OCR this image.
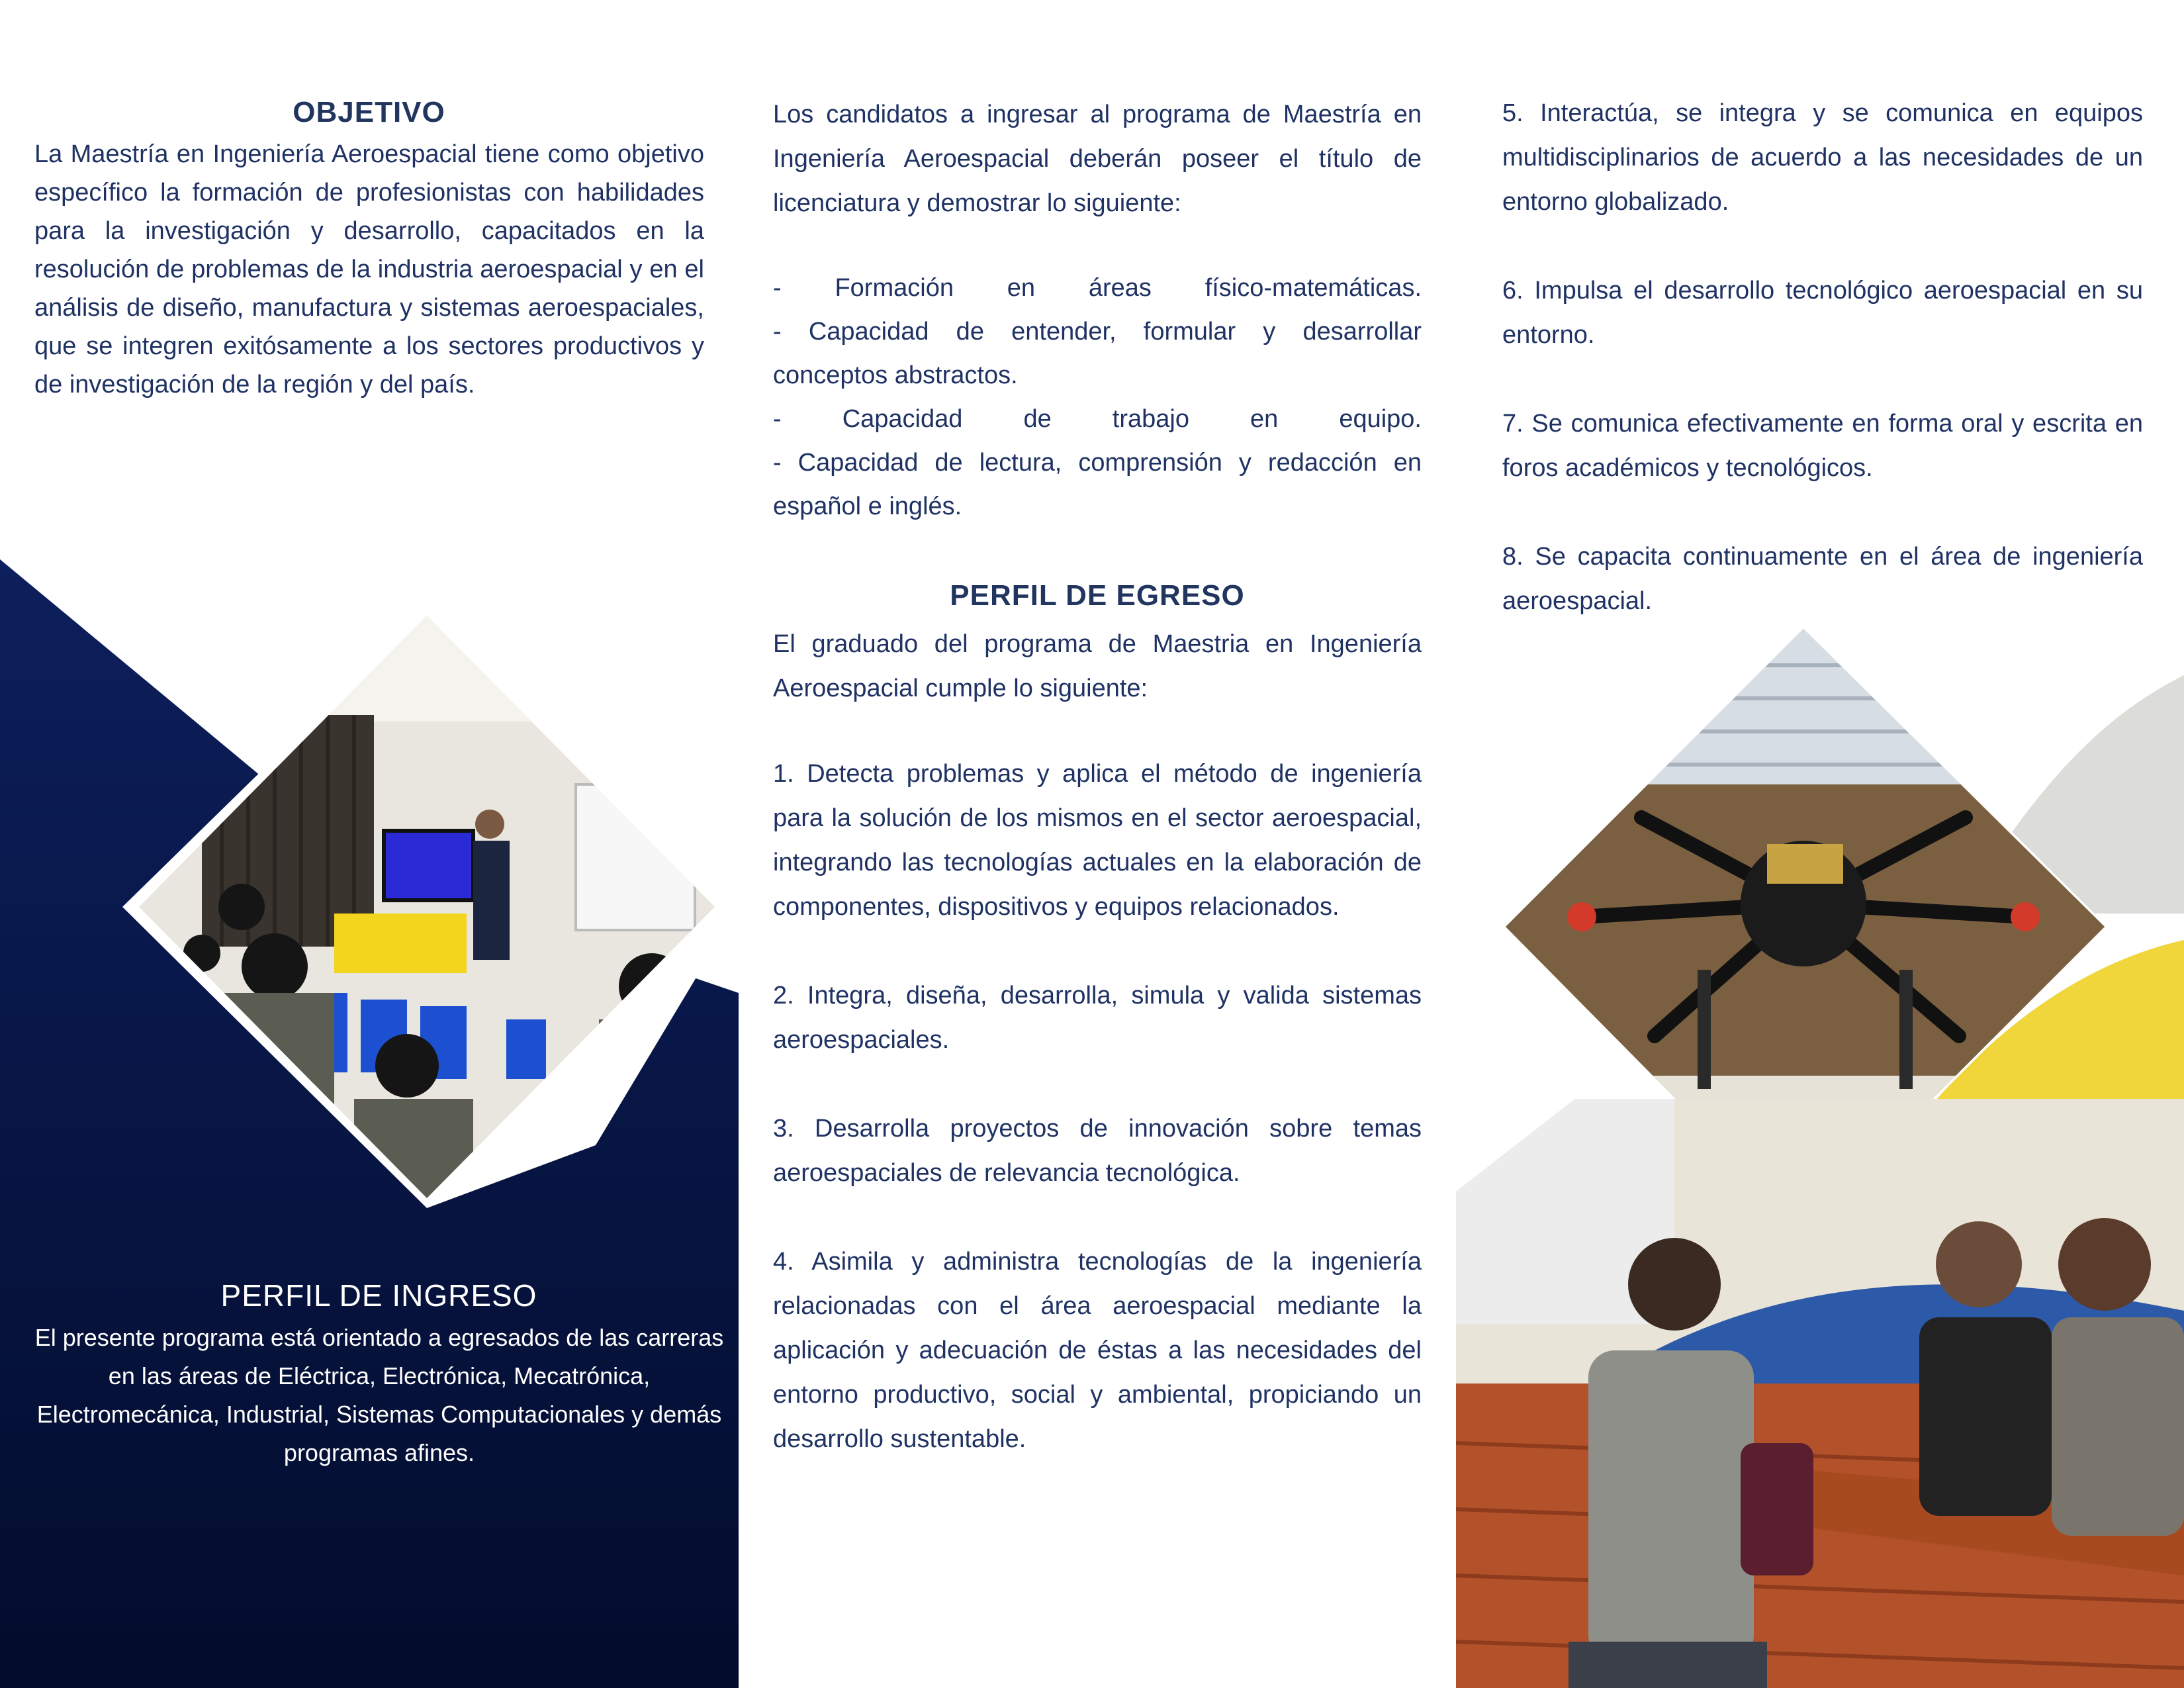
OBJETIVO
La Maestría en Ingeniería Aeroespacial tiene como objetivo específico la formación de profesionistas con habilidades para la investigación y desarrollo, capacitados en la resolución de problemas de la industria aeroespacial y en el análisis de diseño, manufactura y sistemas aeroespaciales, que se integren exitósamente a los sectores productivos y de investigación de la región y del país.
PERFIL DE INGRESO
El presente programa está orientado a egresados de las carreras en las áreas de Eléctrica, Electrónica, Mecatrónica, Electromecánica, Industrial, Sistemas Computacionales y demás programas afines.
Los candidatos a ingresar al programa de Maestría en Ingeniería Aeroespacial deberán poseer el título de licenciatura y demostrar lo siguiente:
- Formación en áreas físico-matemáticas.
- Capacidad de entender, formular y desarrollar conceptos abstractos.
- Capacidad de trabajo en equipo.
- Capacidad de lectura, comprensión y redacción en español e inglés.
PERFIL DE EGRESO
El graduado del programa de Maestria en Ingeniería Aeroespacial cumple lo siguiente:
1. Detecta problemas y aplica el método de ingeniería para la solución de los mismos en el sector aeroespacial, integrando las tecnologías actuales en la elaboración de componentes, dispositivos y equipos relacionados.
2. Integra, diseña, desarrolla, simula y valida sistemas aeroespaciales.
3. Desarrolla proyectos de innovación sobre temas aeroespaciales de relevancia tecnológica.
4. Asimila y administra tecnologías de la ingeniería relacionadas con el área aeroespacial mediante la aplicación y adecuación de éstas a las necesidades del entorno productivo, social y ambiental, propiciando un desarrollo sustentable.
5. Interactúa, se integra y se comunica en equipos multidisciplinarios de acuerdo a las necesidades de un entorno globalizado.
6. Impulsa el desarrollo tecnológico aeroespacial en su entorno.
7. Se comunica efectivamente en forma oral y escrita en foros académicos y tecnológicos.
8. Se capacita continuamente en el área de ingeniería aeroespacial.
